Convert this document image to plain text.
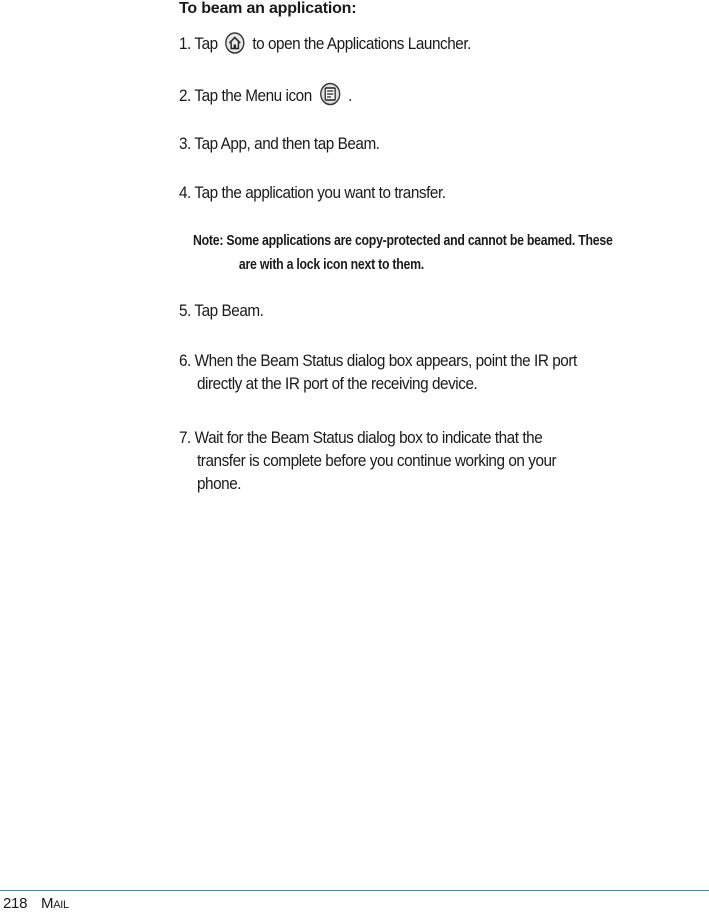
To beam an application:
1. Tap to open the Applications Launcher.
2. Tap the Menu icon .
3. Tap App, and then tap Beam.
4. Tap the application you want to transfer.
Note: Some applications are copy-protected and cannot be beamed. These
are with a lock icon next to them.
5. Tap Beam.
6. When the Beam Status dialog box appears, point the IR port
directly at the IR port of the receiving device.
7. Wait for the Beam Status dialog box to indicate that the
transfer is complete before you continue working on your
phone.
218 Mail
